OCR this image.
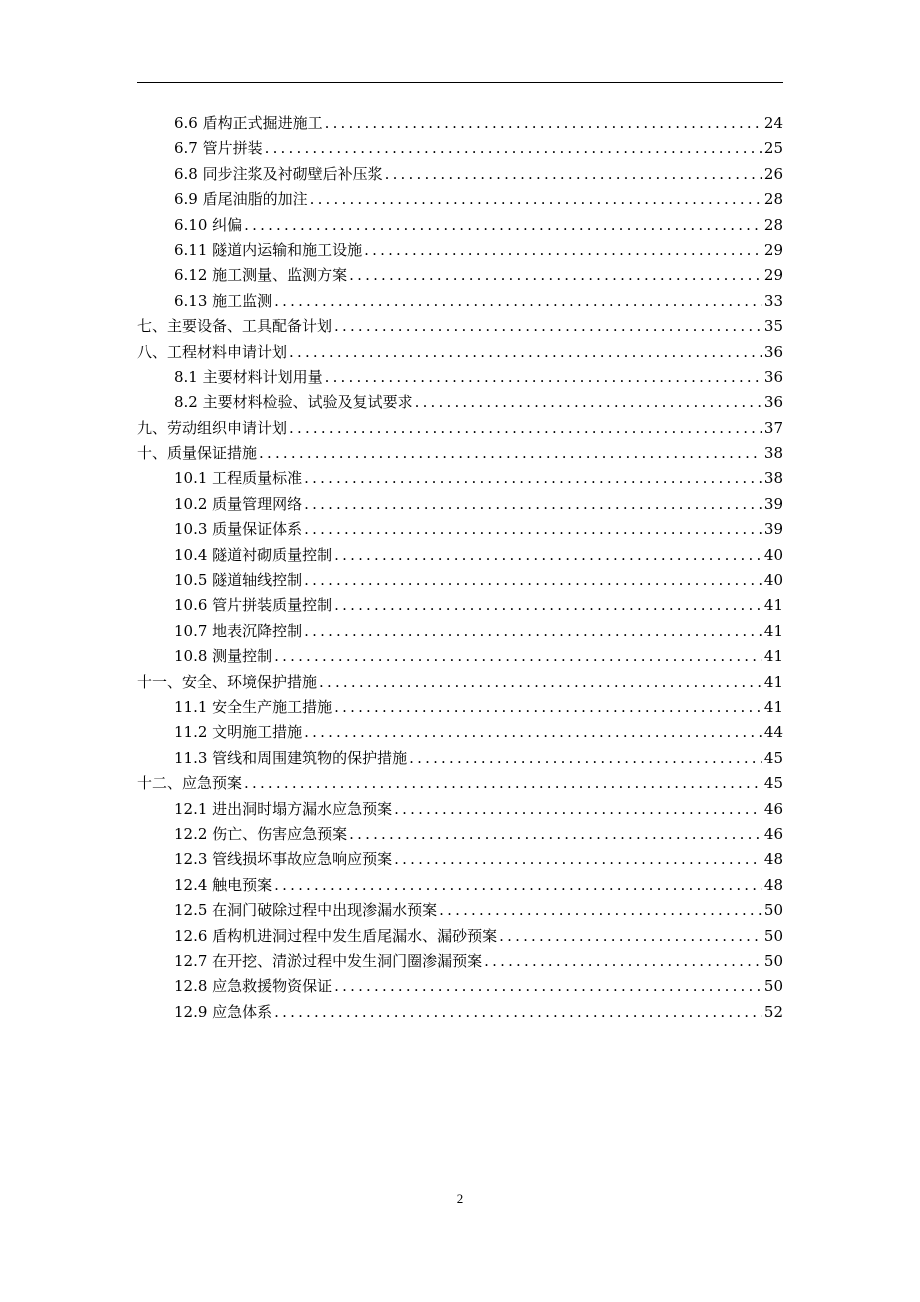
6.6 盾构正式掘进施工 .....	24
6.7 管片拼装 .....	25
6.8 同步注浆及衬砌壁后补压浆 .....	26
6.9 盾尾油脂的加注 .....	28
6.10 纠偏 .....	28
6.11 隧道内运输和施工设施 .....	29
6.12 施工测量、监测方案 .....	29
6.13 施工监测 .....	33
七、主要设备、工具配备计划 .....	35
八、工程材料申请计划 .....	36
8.1 主要材料计划用量 .....	36
8.2 主要材料检验、试验及复试要求 .....	36
九、劳动组织申请计划 .....	37
十、质量保证措施 .....	38
10.1 工程质量标准 .....	38
10.2 质量管理网络 .....	39
10.3 质量保证体系 .....	39
10.4 隧道衬砌质量控制 .....	40
10.5 隧道轴线控制 .....	40
10.6 管片拼装质量控制 .....	41
10.7 地表沉降控制 .....	41
10.8 测量控制 .....	41
十一、安全、环境保护措施 .....	41
11.1 安全生产施工措施 .....	41
11.2 文明施工措施 .....	44
11.3 管线和周围建筑物的保护措施 .....	45
十二、应急预案 .....	45
12.1 进出洞时塌方漏水应急预案 .....	46
12.2 伤亡、伤害应急预案 .....	46
12.3 管线损坏事故应急响应预案 .....	48
12.4 触电预案 .....	48
12.5 在洞门破除过程中出现渗漏水预案 .....	50
12.6 盾构机进洞过程中发生盾尾漏水、漏砂预案 .....	50
12.7 在开挖、清淤过程中发生洞门圈渗漏预案 .....	50
12.8 应急救援物资保证 .....	50
12.9 应急体系 .....	52
2
